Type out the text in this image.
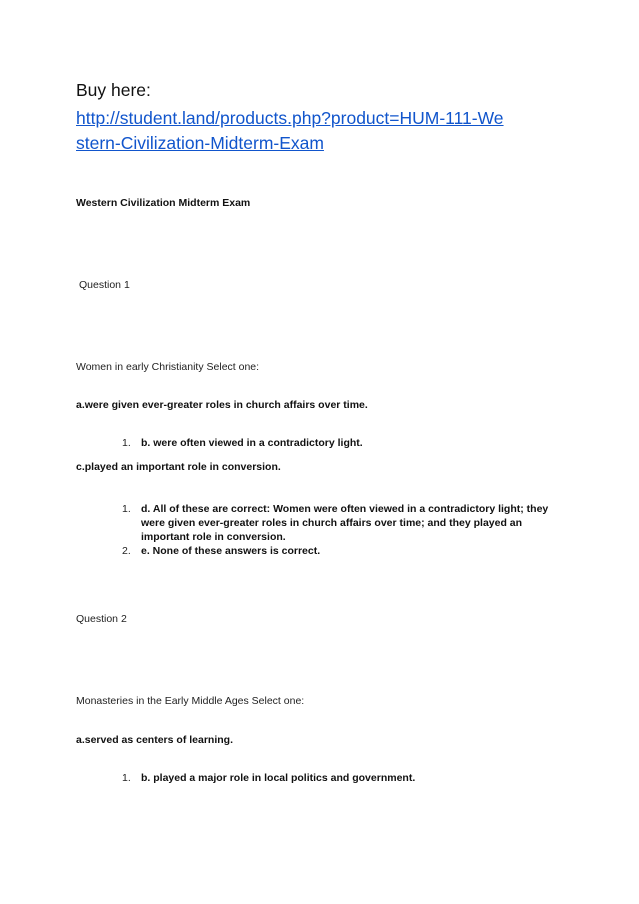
Buy here:
http://student.land/products.php?product=HUM-111-We
stern-Civilization-Midterm-Exam
Western Civilization Midterm Exam
Question 1
Women in early Christianity Select one:
a.were given ever-greater roles in church affairs over time.
1. b. were often viewed in a contradictory light.
c.played an important role in conversion.
1. d. All of these are correct: Women were often viewed in a contradictory light; they were given ever-greater roles in church affairs over time; and they played an important role in conversion.
2. e. None of these answers is correct.
Question 2
Monasteries in the Early Middle Ages Select one:
a.served as centers of learning.
1. b. played a major role in local politics and government.
